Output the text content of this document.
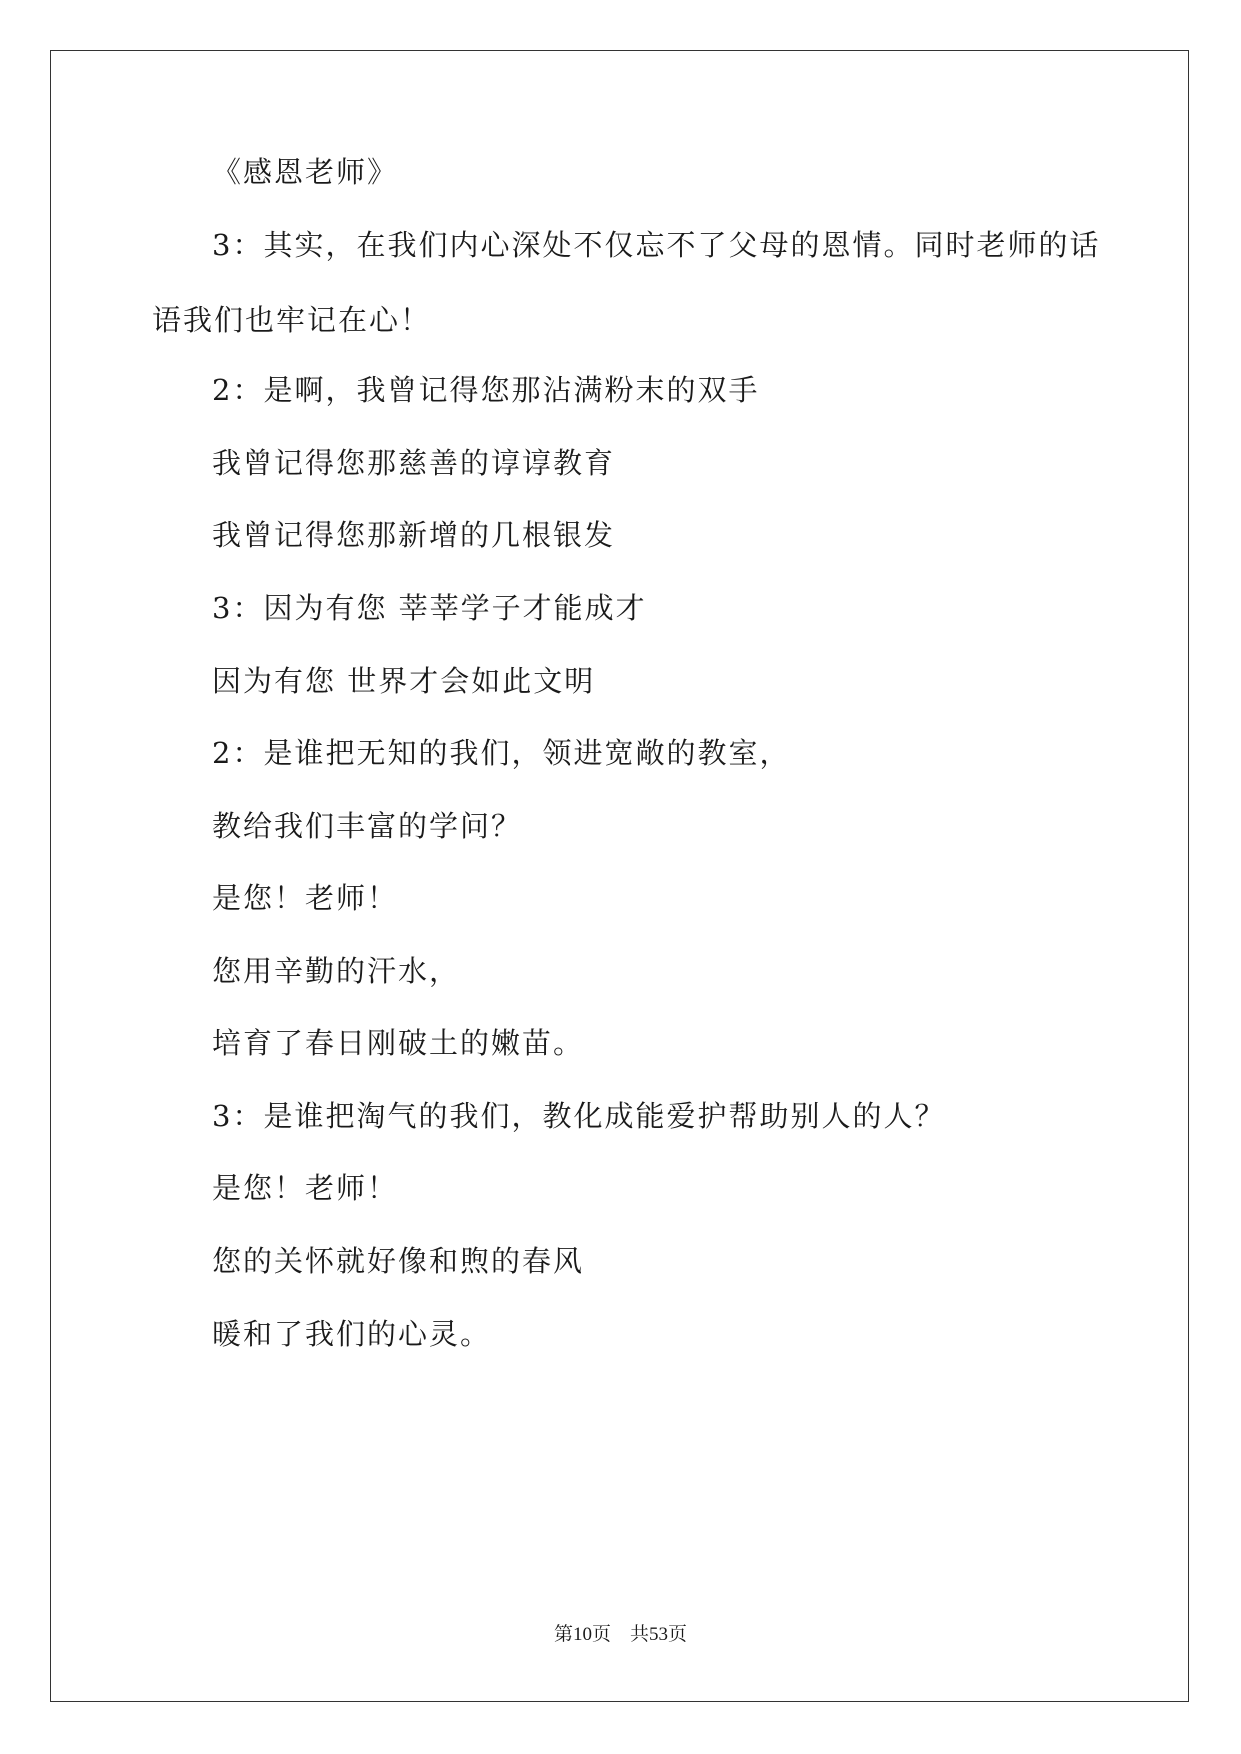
《感恩老师》
3：其实，在我们内心深处不仅忘不了父母的恩情。同时老师的话
语我们也牢记在心！
2：是啊，我曾记得您那沾满粉末的双手
我曾记得您那慈善的谆谆教育
我曾记得您那新增的几根银发
3：因为有您 莘莘学子才能成才
因为有您 世界才会如此文明
2：是谁把无知的我们，领进宽敞的教室，
教给我们丰富的学问？
是您！老师！
您用辛勤的汗水，
培育了春日刚破土的嫩苗。
3：是谁把淘气的我们，教化成能爱护帮助别人的人？
是您！老师！
您的关怀就好像和煦的春风
暖和了我们的心灵。
第10页　共53页
